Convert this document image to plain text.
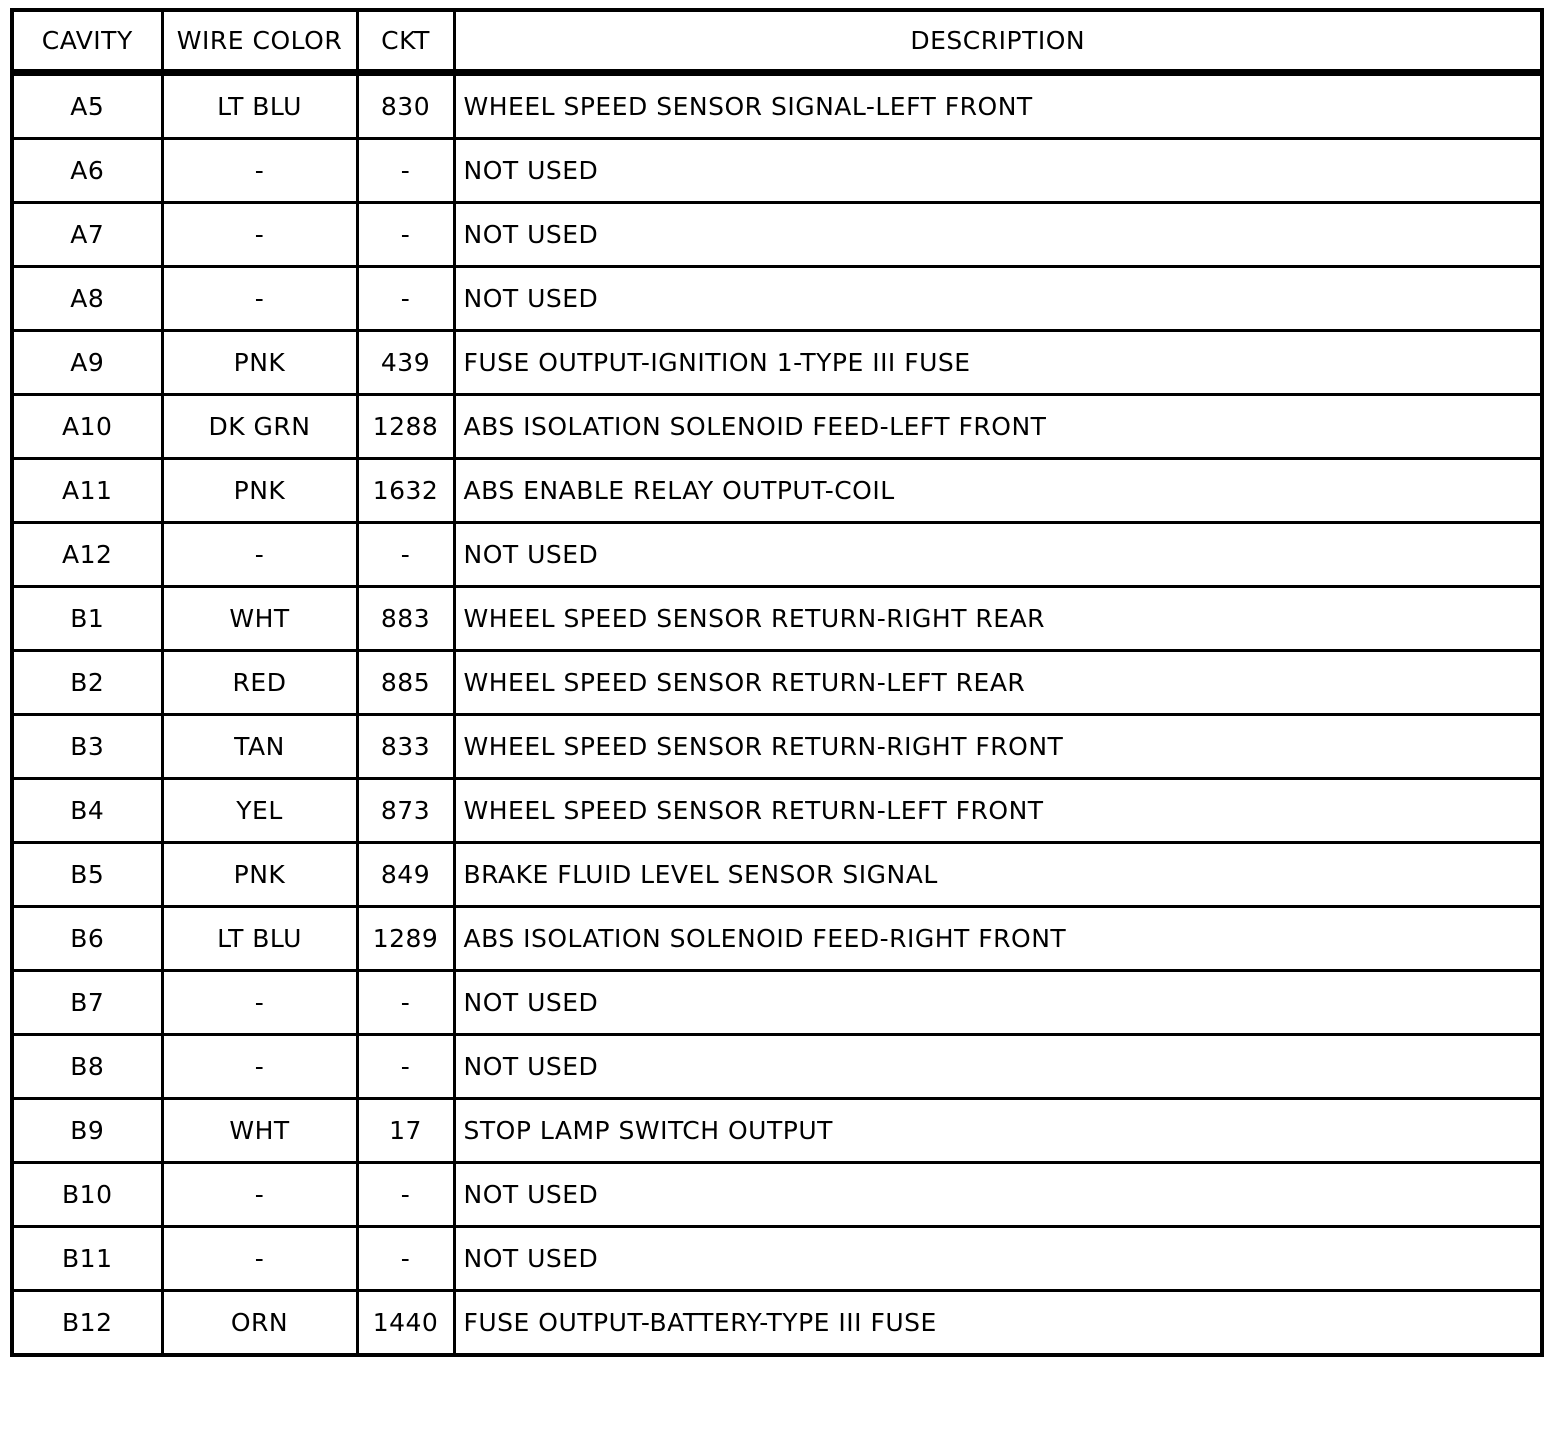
CAVITY	WIRE COLOR	CKT	DESCRIPTION
A5	LT BLU	830	WHEEL SPEED SENSOR SIGNAL-LEFT FRONT
A6	-	-	NOT USED
A7	-	-	NOT USED
A8	-	-	NOT USED
A9	PNK	439	FUSE OUTPUT-IGNITION 1-TYPE III FUSE
A10	DK GRN	1288	ABS ISOLATION SOLENOID FEED-LEFT FRONT
A11	PNK	1632	ABS ENABLE RELAY OUTPUT-COIL
A12	-	-	NOT USED
B1	WHT	883	WHEEL SPEED SENSOR RETURN-RIGHT REAR
B2	RED	885	WHEEL SPEED SENSOR RETURN-LEFT REAR
B3	TAN	833	WHEEL SPEED SENSOR RETURN-RIGHT FRONT
B4	YEL	873	WHEEL SPEED SENSOR RETURN-LEFT FRONT
B5	PNK	849	BRAKE FLUID LEVEL SENSOR SIGNAL
B6	LT BLU	1289	ABS ISOLATION SOLENOID FEED-RIGHT FRONT
B7	-	-	NOT USED
B8	-	-	NOT USED
B9	WHT	17	STOP LAMP SWITCH OUTPUT
B10	-	-	NOT USED
B11	-	-	NOT USED
B12	ORN	1440	FUSE OUTPUT-BATTERY-TYPE III FUSE
